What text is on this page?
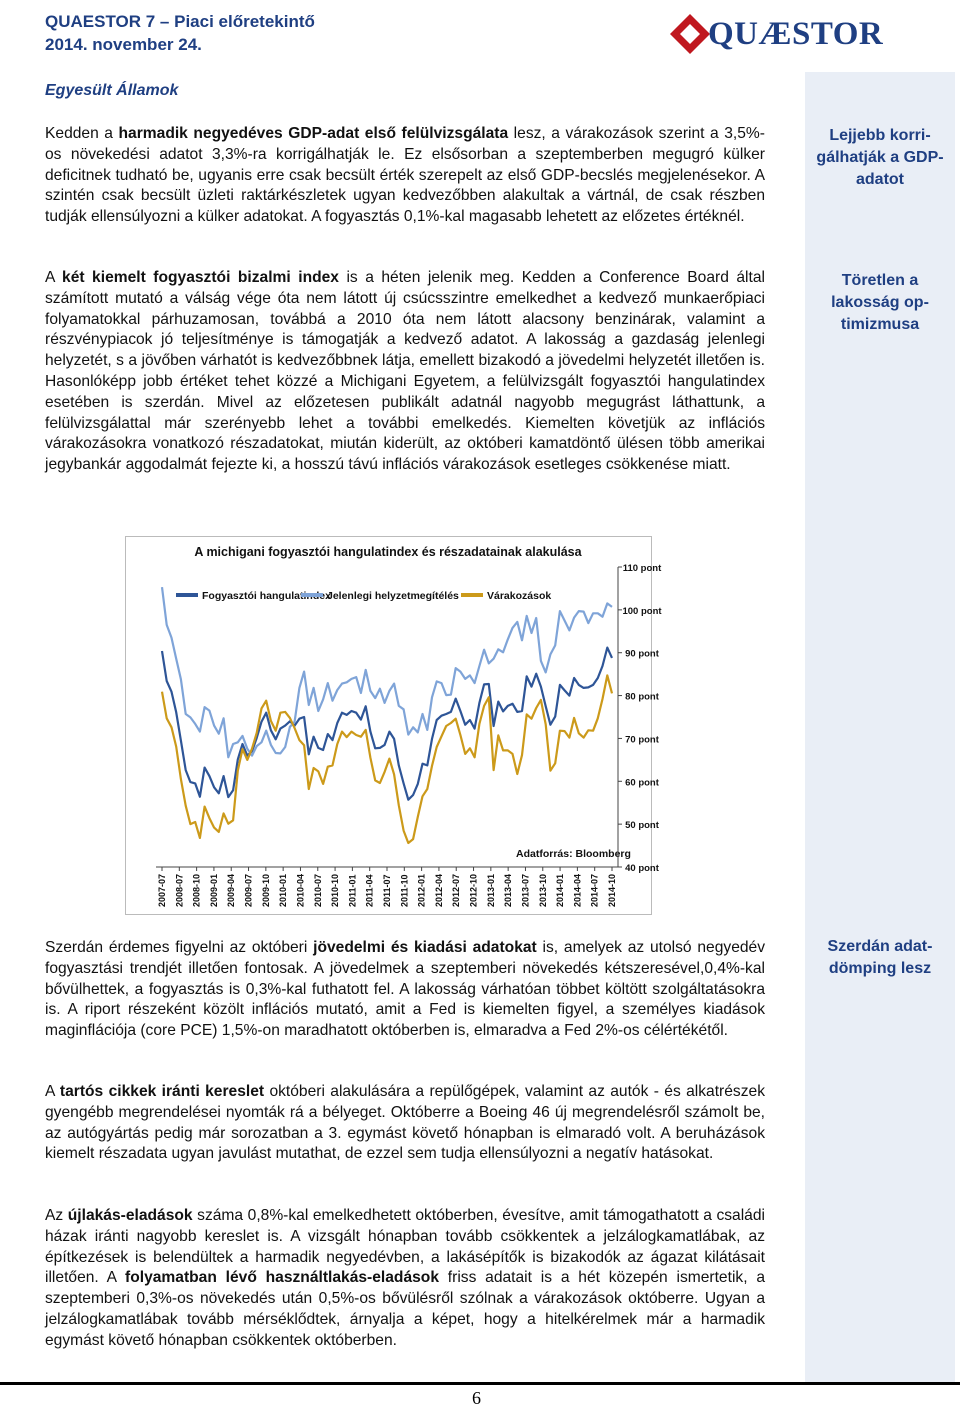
QUAESTOR 7 – Piaci előretekintő
2014. november 24.	QUÆSTOR
Egyesült Államok
Lejjebb korri-gálhatják a GDP-adatot
Töretlen a lakosság op-timizmusa
Szerdán adat-dömping lesz
Kedden a harmadik negyedéves GDP-adat első felülvizsgálata lesz, a várakozások szerint a 3,5%-os növekedési adatot 3,3%-ra korrigálhatják le. Ez elsősorban a szeptemberben megugró külker deficitnek tudható be, ugyanis erre csak becsült érték szerepelt az első GDP-becslés megjelenésekor. A szintén csak becsült üzleti raktárkészletek ugyan kedvezőbben alakultak a vártnál, de csak részben tudják ellensúlyozni a külker adatokat. A fogyasztás 0,1%-kal magasabb lehetett az előzetes értéknél.
A két kiemelt fogyasztói bizalmi index is a héten jelenik meg. Kedden a Conference Board által számított mutató a válság vége óta nem látott új csúcsszintre emelkedhet a kedvező munkaerőpiaci folyamatokkal párhuzamosan, továbbá a 2010 óta nem látott alacsony benzinárak, valamint a részvénypiacok jó teljesítménye is támogatják a kedvező adatot. A lakosság a gazdaság jelenlegi helyzetét, s a jövőben várhatót is kedvezőbbnek látja, emellett bizakodó a jövedelmi helyzetét illetően is. Hasonlóképp jobb értéket tehet közzé a Michigani Egyetem, a felülvizsgált fogyasztói hangulatindex esetében is szerdán. Mivel az előzetesen publikált adatnál nagyobb megugrást láthattunk, a felülvizsgálattal már szerényebb lehet a további emelkedés. Kiemelten követjük az inflációs várakozásokra vonatkozó részadatokat, miután kiderült, az októberi kamatdöntő ülésen több amerikai jegybankár aggodalmát fejezte ki, a hosszú távú inflációs várakozások esetleges csökkenése miatt.
A michigani fogyasztói hangulatindex és részadatainak alakulása
Adatforrás: Bloomberg
40 pont
50 pont
60 pont
70 pont
80 pont
90 pont
100 pont
110 pont
2007-07 2008-07 2008-10 2009-01 2009-04 2009-07 2009-10 2010-01 2010-04 2010-07 2010-10 2011-01 2011-04 2011-07 2011-10 2012-01 2012-04 2012-07 2012-10 2013-01 2013-04 2013-07 2013-10 2014-01 2014-04 2014-07 2014-10
Fogyasztói hangulatindex
Jelenlegi helyzetmegítélés	Várakozások
Szerdán érdemes figyelni az októberi jövedelmi és kiadási adatokat is, amelyek az utolsó negyedév fogyasztási trendjét illetően fontosak. A jövedelmek a szeptemberi növekedés kétszeresével,0,4%-kal bővülhettek, a fogyasztás is 0,3%-kal futhatott fel. A lakosság várhatóan többet költött szolgáltatásokra is. A riport részeként közölt inflációs mutató, amit a Fed is kiemelten figyel, a személyes kiadások maginflációja (core PCE) 1,5%-on maradhatott októberben is, elmaradva a Fed 2%-os célértékétől.
A tartós cikkek iránti kereslet októberi alakulására a repülőgépek, valamint az autók - és alkatrészek gyengébb megrendelései nyomták rá a bélyeget. Októberre a Boeing 46 új megrendelésről számolt be, az autógyártás pedig már sorozatban a 3. egymást követő hónapban is elmaradó volt. A beruházások kiemelt részadata ugyan javulást mutathat, de ezzel sem tudja ellensúlyozni a negatív hatásokat.
Az újlakás-eladások száma 0,8%-kal emelkedhetett októberben, évesítve, amit támogathatott a családi házak iránti nagyobb kereslet is. A vizsgált hónapban tovább csökkentek a jelzálogkamatlábak, az építkezések is belendültek a harmadik negyedévben, a lakásépítők is bizakodók az ágazat kilátásait illetően. A folyamatban lévő használtlakás-eladások friss adatait is a hét közepén ismertetik, a szeptemberi 0,3%-os növekedés után 0,5%-os bővülésről szólnak a várakozások októberre. Ugyan a jelzálogkamatlábak tovább mérséklődtek, árnyalja a képet, hogy a hitelkérelmek már a harmadik egymást követő hónapban csökkentek októberben.
6
